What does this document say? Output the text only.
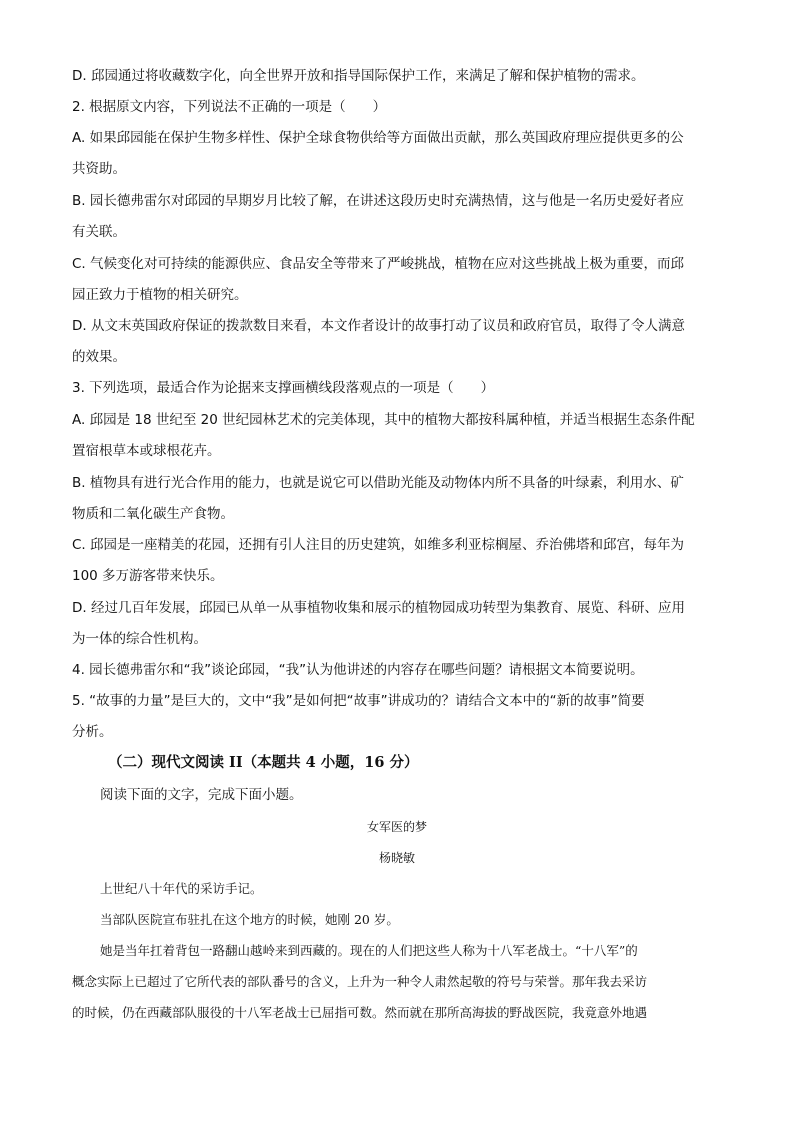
D. 邱园通过将收藏数字化，向全世界开放和指导国际保护工作，来满足了解和保护植物的需求。
2. 根据原文内容，下列说法不正确的一项是（　　）
A. 如果邱园能在保护生物多样性、保护全球食物供给等方面做出贡献，那么英国政府理应提供更多的公
共资助。
B. 园长德弗雷尔对邱园的早期岁月比较了解，在讲述这段历史时充满热情，这与他是一名历史爱好者应
有关联。
C. 气候变化对可持续的能源供应、食品安全等带来了严峻挑战，植物在应对这些挑战上极为重要，而邱
园正致力于植物的相关研究。
D. 从文末英国政府保证的拨款数目来看，本文作者设计的故事打动了议员和政府官员，取得了令人满意
的效果。
3. 下列选项，最适合作为论据来支撑画横线段落观点的一项是（　　）
A. 邱园是 18 世纪至 20 世纪园林艺术的完美体现，其中的植物大都按科属种植，并适当根据生态条件配
置宿根草本或球根花卉。
B. 植物具有进行光合作用的能力，也就是说它可以借助光能及动物体内所不具备的叶绿素，利用水、矿
物质和二氧化碳生产食物。
C. 邱园是一座精美的花园，还拥有引人注目的历史建筑，如维多利亚棕榈屋、乔治佛塔和邱宫，每年为
100 多万游客带来快乐。
D. 经过几百年发展，邱园已从单一从事植物收集和展示的植物园成功转型为集教育、展览、科研、应用
为一体的综合性机构。
4. 园长德弗雷尔和“我”谈论邱园，“我”认为他讲述的内容存在哪些问题？请根据文本简要说明。
5. “故事的力量”是巨大的，文中“我”是如何把“故事”讲成功的？请结合文本中的“新的故事”简要
分析。
（二）现代文阅读 II（本题共 4 小题，16 分）
阅读下面的文字，完成下面小题。
女军医的梦
杨晓敏
上世纪八十年代的采访手记。
当部队医院宣布驻扎在这个地方的时候，她刚 20 岁。
她是当年扛着背包一路翻山越岭来到西藏的。现在的人们把这些人称为十八军老战士。“十八军”的
概念实际上已超过了它所代表的部队番号的含义，上升为一种令人肃然起敬的符号与荣誉。那年我去采访
的时候，仍在西藏部队服役的十八军老战士已屈指可数。然而就在那所高海拔的野战医院，我竟意外地遇
